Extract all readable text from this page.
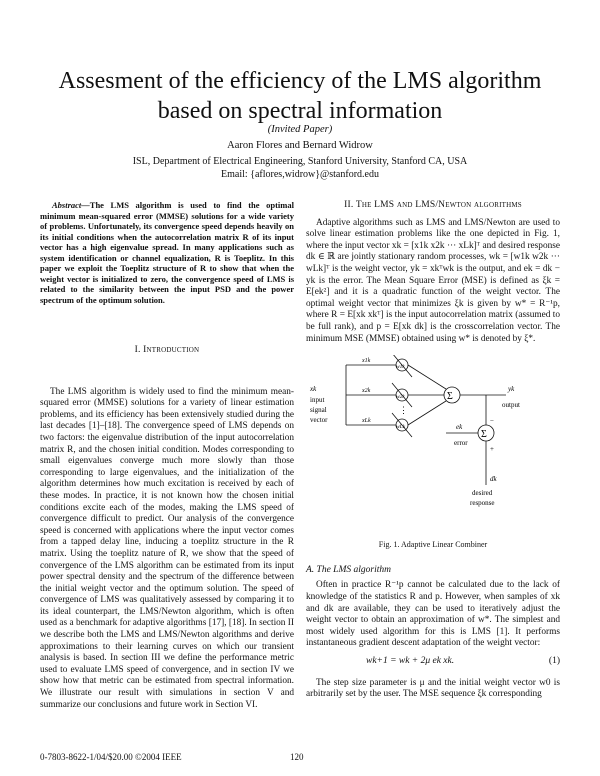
Assesment of the efficiency of the LMS algorithm based on spectral information
(Invited Paper)
Aaron Flores and Bernard Widrow
ISL, Department of Electrical Engineering, Stanford University, Stanford CA, USA
Email: {aflores,widrow}@stanford.edu

Abstract—The LMS algorithm is used to find the optimal minimum mean-squared error (MMSE) solutions for a wide variety of problems. Unfortunately, its convergence speed depends heavily on its initial conditions when the autocorrelation matrix R of its input vector has a high eigenvalue spread. In many applications such as system identification or channel equalization, R is Toeplitz. In this paper we exploit the Toeplitz structure of R to show that when the weight vector is initialized to zero, the convergence speed of LMS is related to the similarity between the input PSD and the power spectrum of the optimum solution.

I. Introduction

The LMS algorithm is widely used to find the minimum mean-squared error (MMSE) solutions for a variety of linear estimation problems, and its efficiency has been extensively studied during the last decades [1]–[18]. The convergence speed of LMS depends on two factors: the eigenvalue distribution of the input autocorrelation matrix R, and the chosen initial condition. Modes corresponding to small eigenvalues converge much more slowly than those corresponding to large eigenvalues, and the initialization of the algorithm determines how much excitation is received by each of these modes. In practice, it is not known how the chosen initial conditions excite each of the modes, making the LMS speed of convergence difficult to predict. Our analysis of the convergence speed is concerned with applications where the input vector comes from a tapped delay line, inducing a toeplitz structure in the R matrix. Using the toeplitz nature of R, we show that the speed of convergence of the LMS algorithm can be estimated from its input power spectral density and the spectrum of the difference between the initial weight vector and the optimum solution. The speed of convergence of LMS was qualitatively assessed by comparing it to its ideal counterpart, the LMS/Newton algorithm, which is often used as a benchmark for adaptive algorithms [17], [18]. In section II we describe both the LMS and LMS/Newton algorithms and derive approximations to their learning curves on which our transient analysis is based. In section III we define the performance metric used to evaluate LMS speed of convergence, and in section IV we show how that metric can be estimated from spectral information. We illustrate our result with simulations in section V and summarize our conclusions and future work in Section VI.

II. The LMS and LMS/Newton algorithms

Adaptive algorithms such as LMS and LMS/Newton are used to solve linear estimation problems like the one depicted in Fig. 1, where the input vector xk = [x1k x2k ··· xLk]ᵀ and desired response dk ∈ ℝ are jointly stationary random processes, wk = [w1k w2k ··· wLk]ᵀ is the weight vector, yk = xkᵀwk is the output, and ek = dk − yk is the error. The Mean Square Error (MSE) is defined as ξk = E[ek²] and it is a quadratic function of the weight vector. The optimal weight vector that minimizes ξk is given by w* = R⁻¹p, where R = E[xk xkᵀ] is the input autocorrelation matrix (assumed to be full rank), and p = E[xk dk] is the crosscorrelation vector. The minimum MSE (MMSE) obtained using w* is denoted by ξ*.

xk
input
signal
vector
x1k
x2k
xLk
w1k
w2k
wLk
⋮
Σ
Σ
yk
output
−
+
ek
error
dk
desired
response

Fig. 1. Adaptive Linear Combiner

A. The LMS algorithm

Often in practice R⁻¹p cannot be calculated due to the lack of knowledge of the statistics R and p. However, when samples of xk and dk are available, they can be used to iteratively adjust the weight vector to obtain an approximation of w*. The simplest and most widely used algorithm for this is LMS [1]. It performs instantaneous gradient descent adaptation of the weight vector:

wk+1 = wk + 2μ ek xk.	(1)

The step size parameter is μ and the initial weight vector w0 is arbitrarily set by the user. The MSE sequence ξk corresponding

0-7803-8622-1/04/$20.00 ©2004 IEEE	120
